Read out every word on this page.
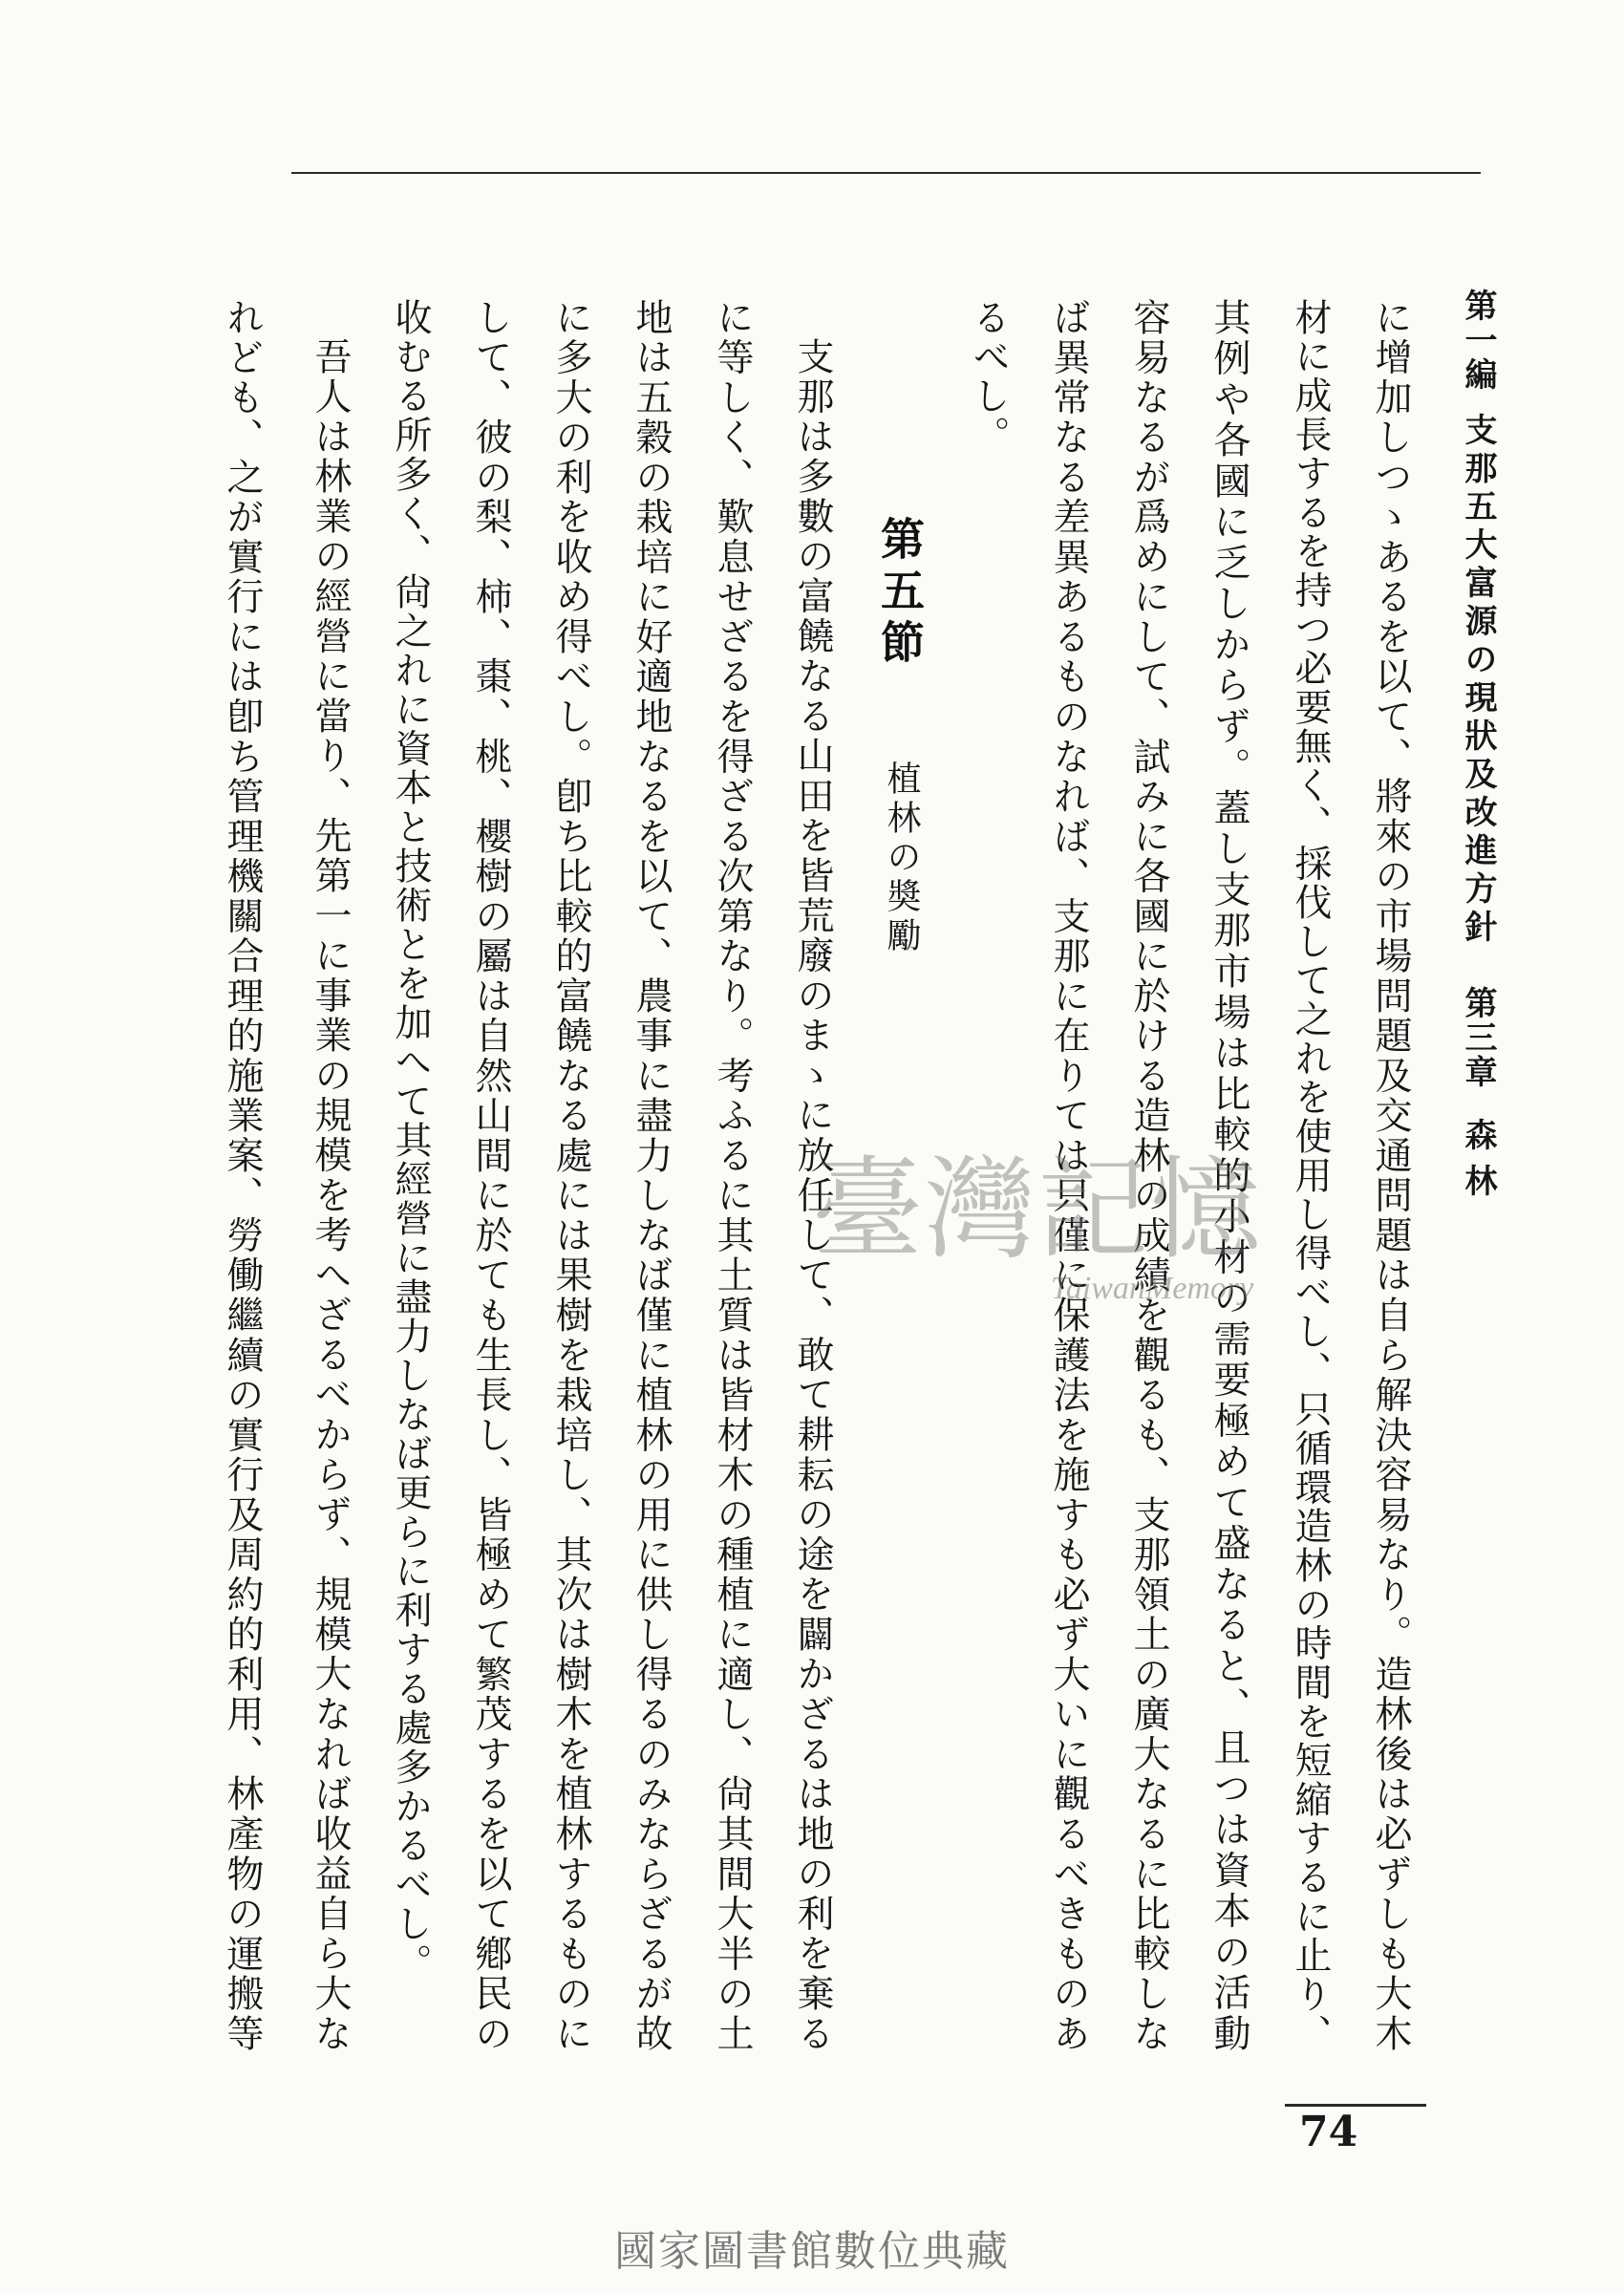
第一編支那五大富源の現狀及改進方針第三章森林
に增加しつゝあるを以て、將來の市場問題及交通問題は自ら解決容易なり。造林後は必ずしも大木
材に成長するを持つ必要無く、採伐して之れを使用し得べし、只循環造林の時間を短縮するに止り、
其例や各國に乏しからず。蓋し支那市場は比較的小材の需要極めて盛なると、且つは資本の活動
容易なるが爲めにして、試みに各國に於ける造林の成績を觀るも、支那領土の廣大なるに比較しな
ば異常なる差異あるものなれば、支那に在りては只僅に保護法を施すも必ず大いに觀るべきものあ
るべし。
第五節
植林の奬勵
支那は多數の富饒なる山田を皆荒廢のまゝに放任して、敢て耕耘の途を闢かざるは地の利を棄る
に等しく、歎息せざるを得ざる次第なり。考ふるに其土質は皆材木の種植に適し、尙其間大半の土
地は五穀の栽培に好適地なるを以て、農事に盡力しなば僅に植林の用に供し得るのみならざるが故
に多大の利を收め得べし。卽ち比較的富饒なる處には果樹を栽培し、其次は樹木を植林するものに
して、彼の梨、柿、棗、桃、櫻樹の屬は自然山間に於ても生長し、皆極めて繁茂するを以て鄕民の
收むる所多く、尙之れに資本と技術とを加へて其經營に盡力しなば更らに利する處多かるべし。
吾人は林業の經營に當り、先第一に事業の規模を考へざるべからず、規模大なれば收益自ら大な
れども、之が實行には卽ち管理機關合理的施業案、勞働繼續の實行及周約的利用、林產物の運搬等
74
臺灣記憶
TaiwanMemory
國家圖書館數位典藏
